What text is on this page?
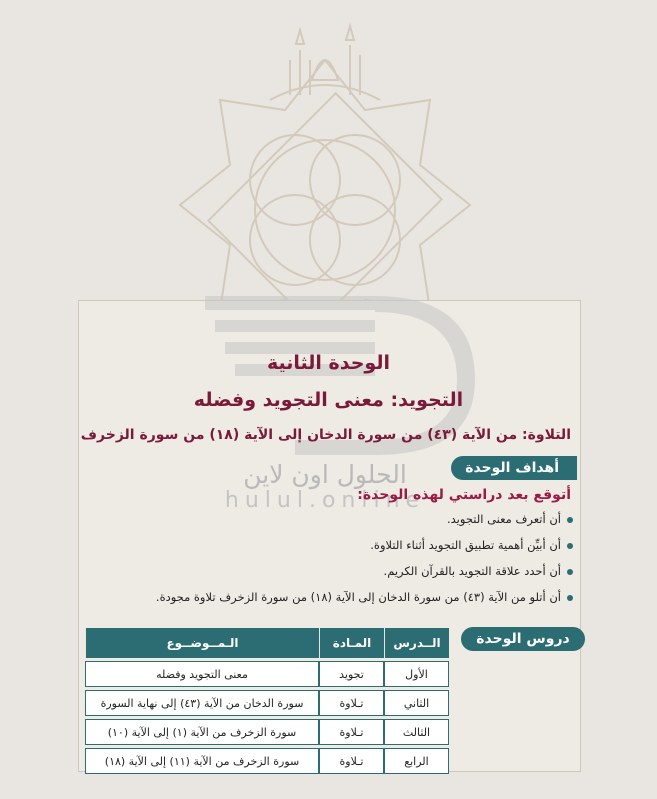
الحلول اون لاين
hulul.online
الوحدة الثانية
التجويد: معنى التجويد وفضله
التلاوة: من الآية (٤٣) من سورة الدخان إلى الآية (١٨) من سورة الزخرف
أهداف الوحدة
أتوقع بعد دراستي لهذه الوحدة:
أن أتعرف معنى التجويد.
أن أبيِّن أهمية تطبيق التجويد أثناء التلاوة.
أن أحدد علاقة التجويد بالقرآن الكريم.
أن أتلو من الآية (٤٣) من سورة الدخان إلى الآية (١٨) من سورة الزخرف تلاوة مجودة.
دروس الوحدة
الــدرس	المـادة	الـمــوضــوع
الأول	تجويد	معنى التجويد وفضله
الثاني	تـلاوة	سورة الدخان من الآية (٤٣) إلى نهاية السورة
الثالث	تـلاوة	سورة الزخرف من الآية (١) إلى الآية (١٠)
الرابع	تـلاوة	سورة الزخرف من الآية (١١) إلى الآية (١٨)
